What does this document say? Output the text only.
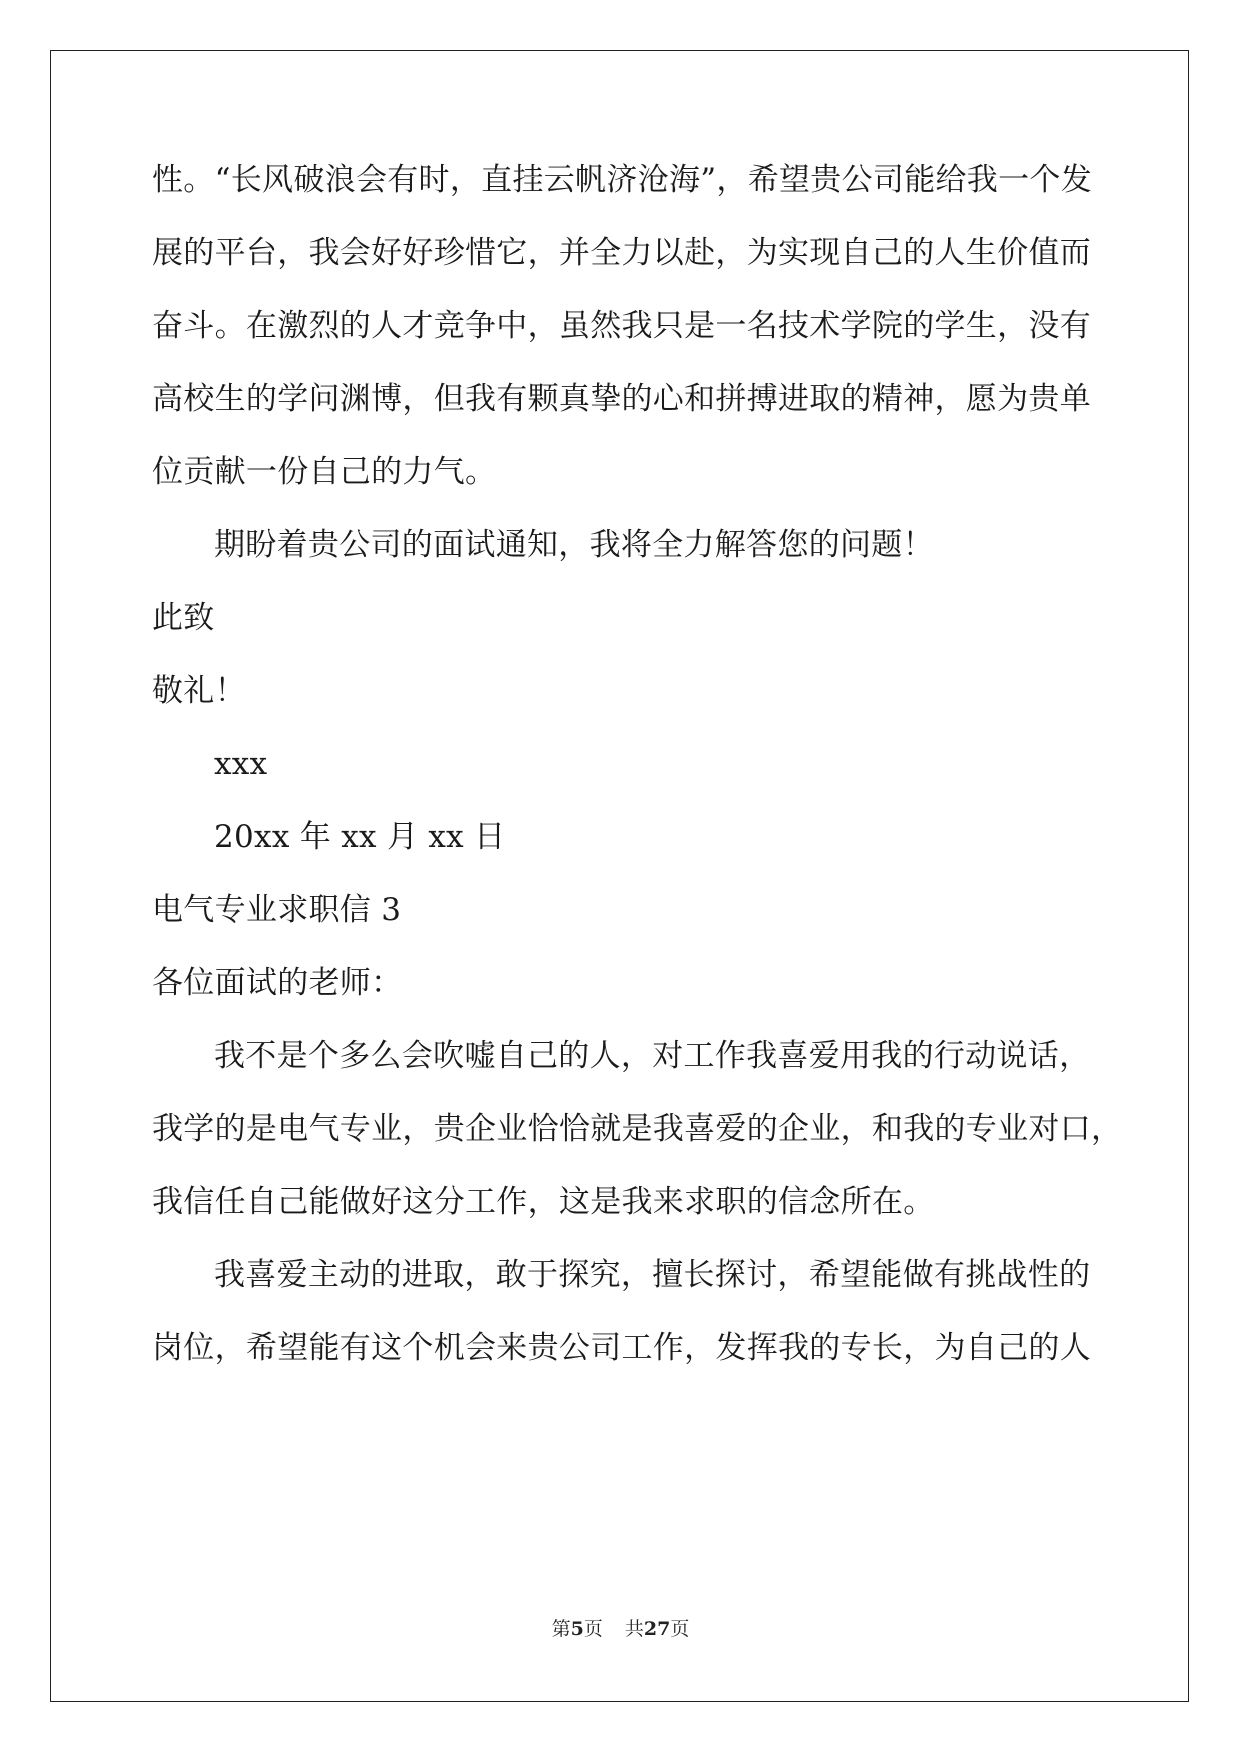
性。“长风破浪会有时，直挂云帆济沧海”，希望贵公司能给我一个发
展的平台，我会好好珍惜它，并全力以赴，为实现自己的人生价值而
奋斗。在激烈的人才竞争中，虽然我只是一名技术学院的学生，没有
高校生的学问渊博，但我有颗真挚的心和拼搏进取的精神，愿为贵单
位贡献一份自己的力气。
期盼着贵公司的面试通知，我将全力解答您的问题！
此致
敬礼！
xxx
20xx 年 xx 月 xx 日
电气专业求职信 3
各位面试的老师：
我不是个多么会吹嘘自己的人，对工作我喜爱用我的行动说话，
我学的是电气专业，贵企业恰恰就是我喜爱的企业，和我的专业对口，
我信任自己能做好这分工作，这是我来求职的信念所在。
我喜爱主动的进取，敢于探究，擅长探讨，希望能做有挑战性的
岗位，希望能有这个机会来贵公司工作，发挥我的专长，为自己的人
第5页 共27页
